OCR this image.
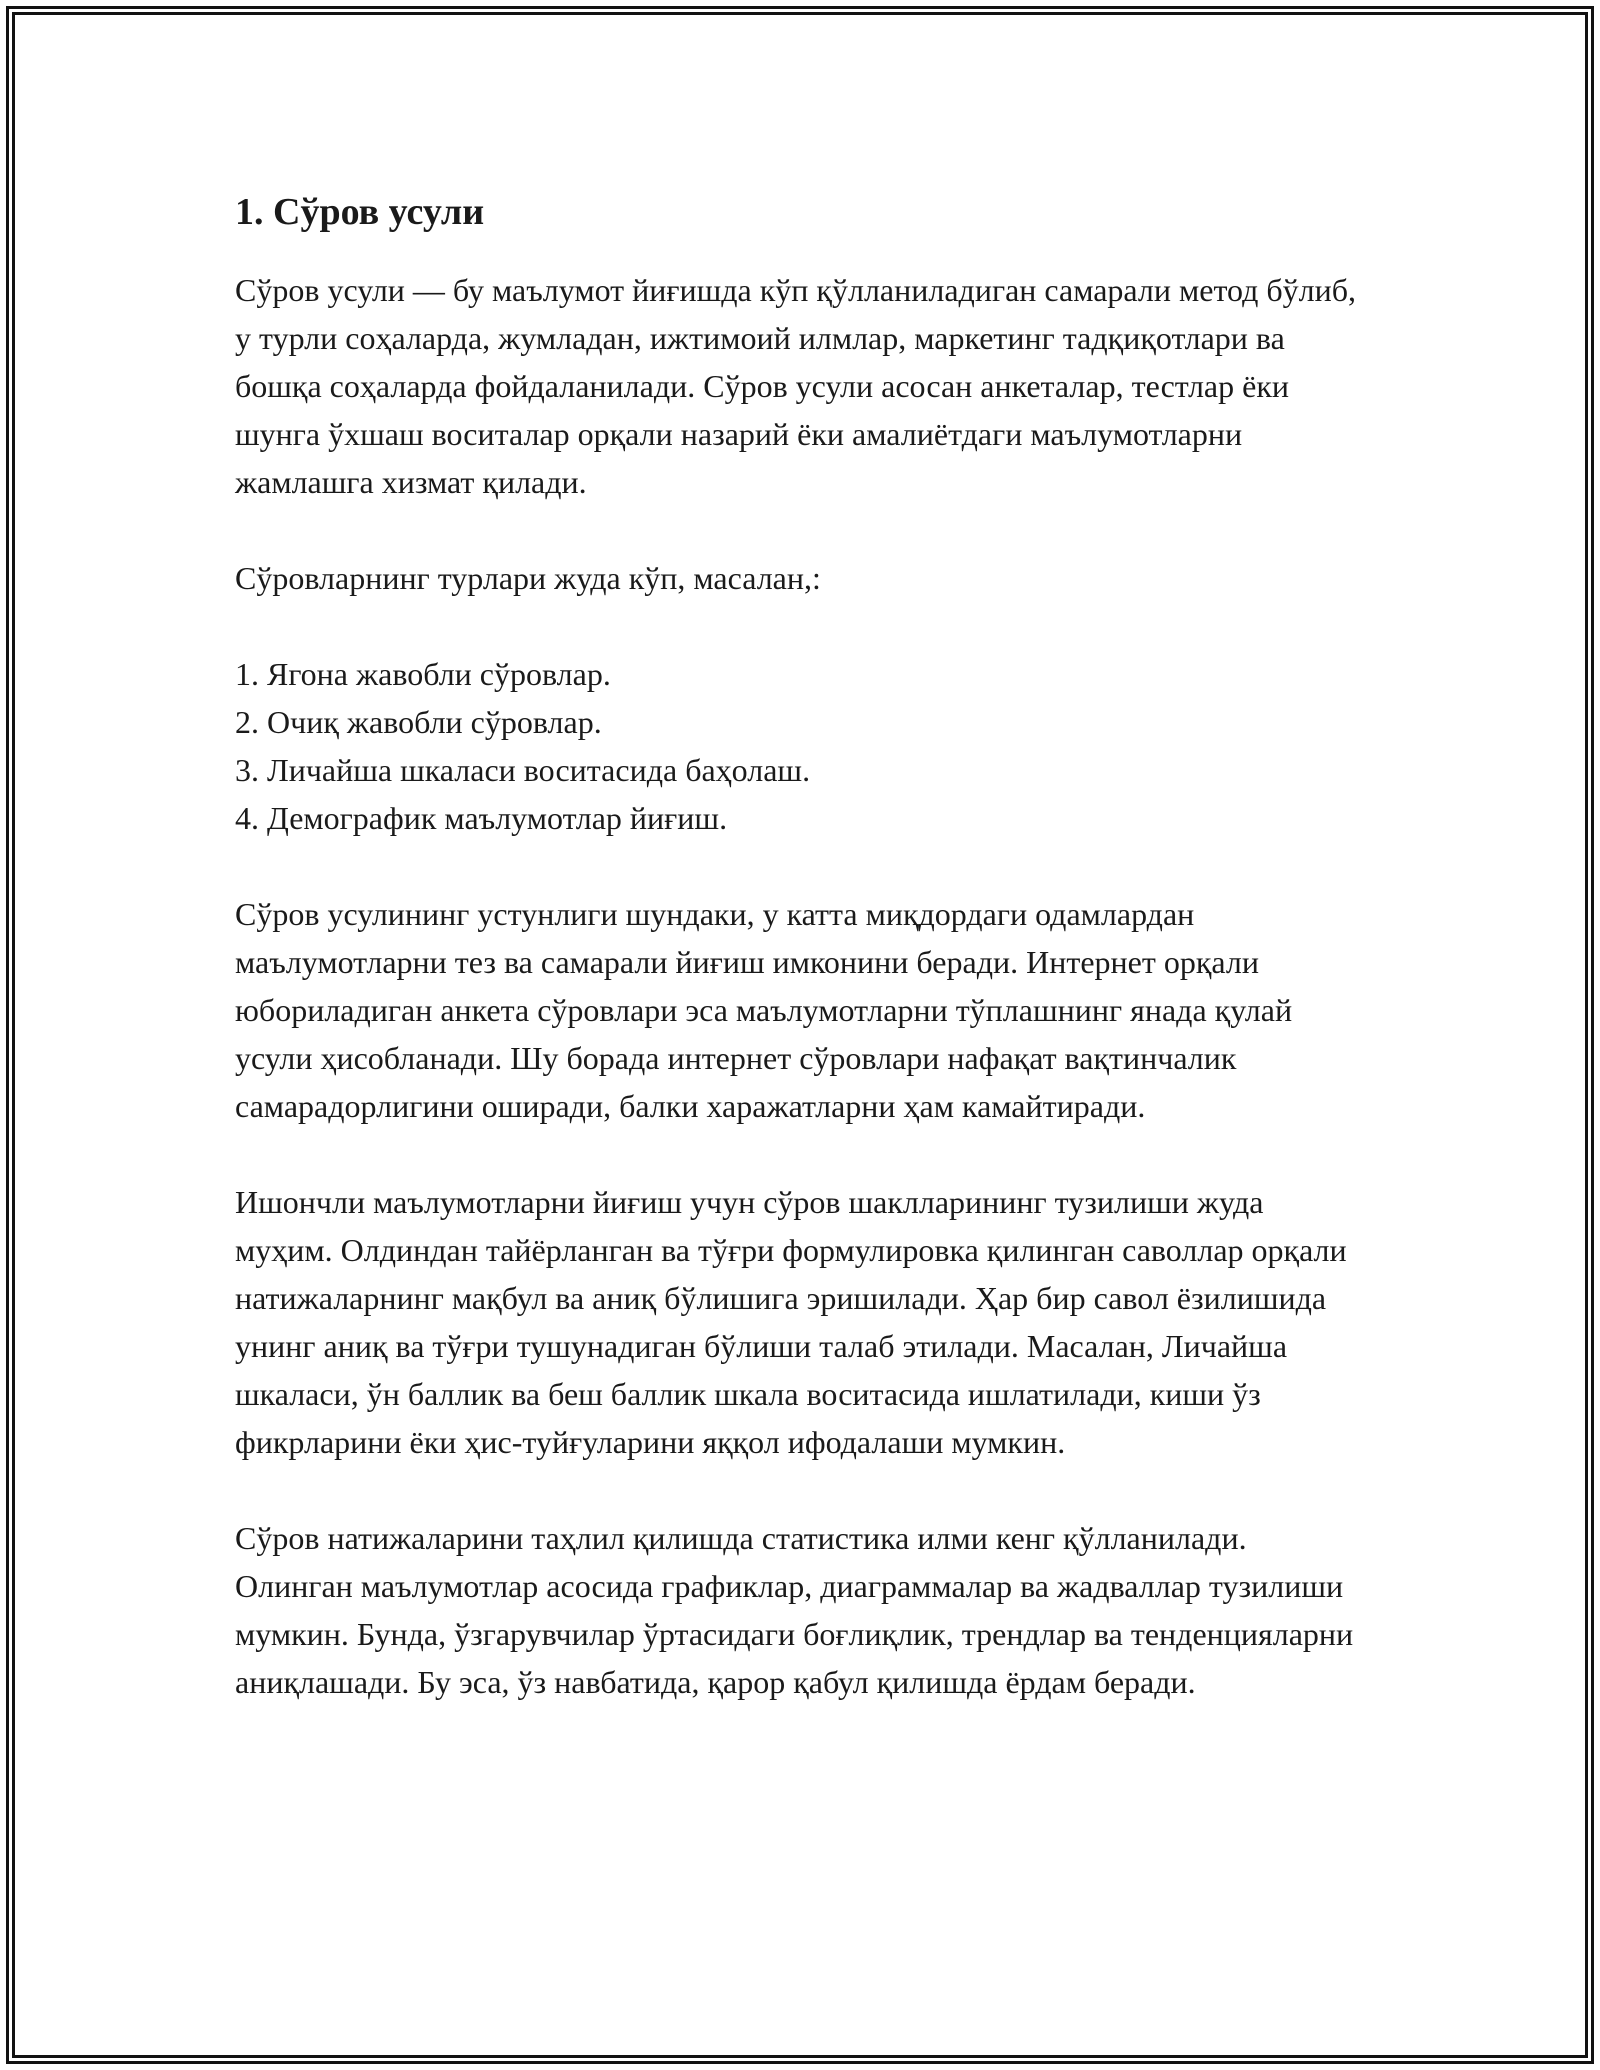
1. Сўров усули

Сўров усули — бу маълумот йиғишда кўп қўлланиладиган самарали метод бўлиб, у турли соҳаларда, жумладан, ижтимоий илмлар, маркетинг тадқиқотлари ва бошқа соҳаларда фойдаланилади. Сўров усули асосан анкеталар, тестлар ёки шунга ўхшаш воситалар орқали назарий ёки амалиётдаги маълумотларни жамлашга хизмат қилади.

Сўровларнинг турлари жуда кўп, масалан,:

1. Ягона жавобли сўровлар.
2. Очиқ жавобли сўровлар.
3. Личайша шкаласи воситасида баҳолаш.
4. Демографик маълумотлар йиғиш.

Сўров усулининг устунлиги шундаки, у катта миқдордаги одамлардан маълумотларни тез ва самарали йиғиш имконини беради. Интернет орқали юбориладиган анкета сўровлари эса маълумотларни тўплашнинг янада қулай усули ҳисобланади. Шу борада интернет сўровлари нафақат вақтинчалик самарадорлигини оширади, балки харажатларни ҳам камайтиради.

Ишончли маълумотларни йиғиш учун сўров шаклларининг тузилиши жуда муҳим. Олдиндан тайёрланган ва тўғри формулировка қилинган саволлар орқали натижаларнинг мақбул ва аниқ бўлишига эришилади. Ҳар бир савол ёзилишида унинг аниқ ва тўғри тушунадиган бўлиши талаб этилади. Масалан, Личайша шкаласи, ўн баллик ва беш баллик шкала воситасида ишлатилади, киши ўз фикрларини ёки ҳис-туйғуларини яққол ифодалаши мумкин.

Сўров натижаларини таҳлил қилишда статистика илми кенг қўлланилади. Олинган маълумотлар асосида графиклар, диаграммалар ва жадваллар тузилиши мумкин. Бунда, ўзгарувчилар ўртасидаги боғлиқлик, трендлар ва тенденцияларни аниқлашади. Бу эса, ўз навбатида, қарор қабул қилишда ёрдам беради.
